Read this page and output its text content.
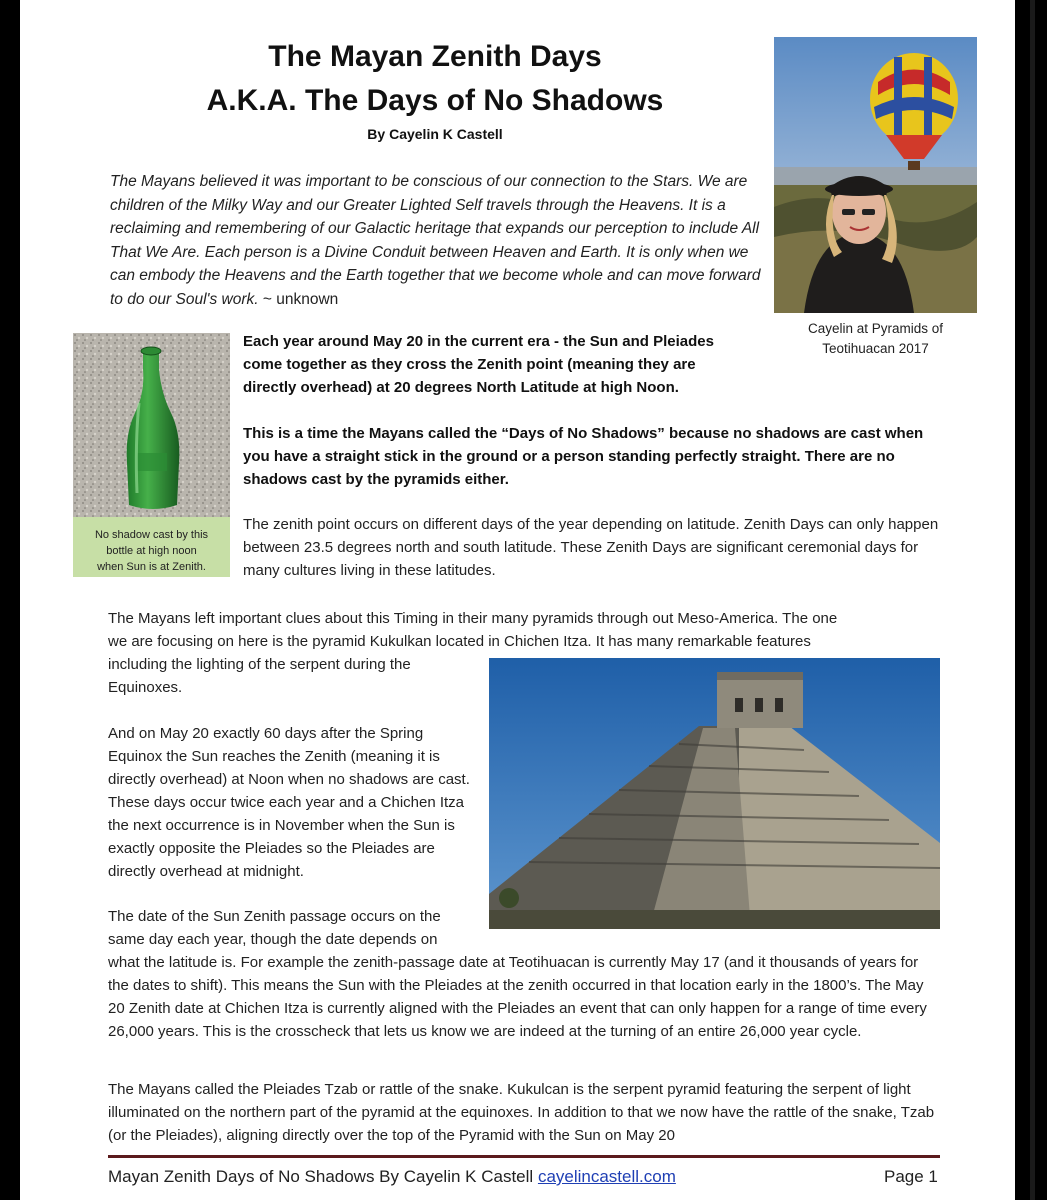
The Mayan Zenith Days
A.K.A. The Days of No Shadows
By Cayelin K Castell

The Mayans believed it was important to be conscious of our connection to the Stars. We are children of the Milky Way and our Greater Lighted Self travels through the Heavens. It is a reclaiming and remembering of our Galactic heritage that expands our perception to include All That We Are. Each person is a Divine Conduit between Heaven and Earth. It is only when we can embody the Heavens and the Earth together that we become whole and can move forward to do our Soul's work. ~ unknown

Cayelin at Pyramids of
Teotihuacan 2017
No shadow cast by this
bottle at high noon
when Sun is at Zenith.

Each year around May 20 in the current era - the Sun and Pleiades come together as they cross the Zenith point (meaning they are directly overhead) at 20 degrees North Latitude at high Noon.

This is a time the Mayans called the “Days of No Shadows” because no shadows are cast when you have a straight stick in the ground or a person standing perfectly straight. There are no shadows cast by the pyramids either.

The zenith point occurs on different days of the year depending on latitude. Zenith Days can only happen between 23.5 degrees north and south latitude. These Zenith Days are significant ceremonial days for many cultures living in these latitudes.

The Mayans left important clues about this Timing in their many pyramids through out Meso-America. The one
we are focusing on here is the pyramid Kukulkan located in Chichen Itza. It has many remarkable features
including the lighting of the serpent during the
Equinoxes.

And on May 20 exactly 60 days after the Spring Equinox the Sun reaches the Zenith (meaning it is directly overhead) at Noon when no shadows are cast. These days occur twice each year and a Chichen Itza the next occurrence is in November when the Sun is exactly opposite the Pleiades so the Pleiades are directly overhead at midnight.

The date of the Sun Zenith passage occurs on the
same day each year, though the date depends on
what the latitude is. For example the zenith-passage date at Teotihuacan is currently May 17 (and it thousands of years for the dates to shift). This means the Sun with the Pleiades at the zenith occurred in that location early in the 1800’s. The May 20 Zenith date at Chichen Itza is currently aligned with the Pleiades an event that can only happen for a range of time every 26,000 years. This is the crosscheck that lets us know we are indeed at the turning of an entire 26,000 year cycle.

The Mayans called the Pleiades Tzab or rattle of the snake. Kukulcan is the serpent pyramid featuring the serpent of light illuminated on the northern part of the pyramid at the equinoxes. In addition to that we now have the rattle of the snake, Tzab (or the Pleiades), aligning directly over the top of the Pyramid with the Sun on May 20

Mayan Zenith Days of No Shadows By Cayelin K Castell cayelincastell.com	Page 1
